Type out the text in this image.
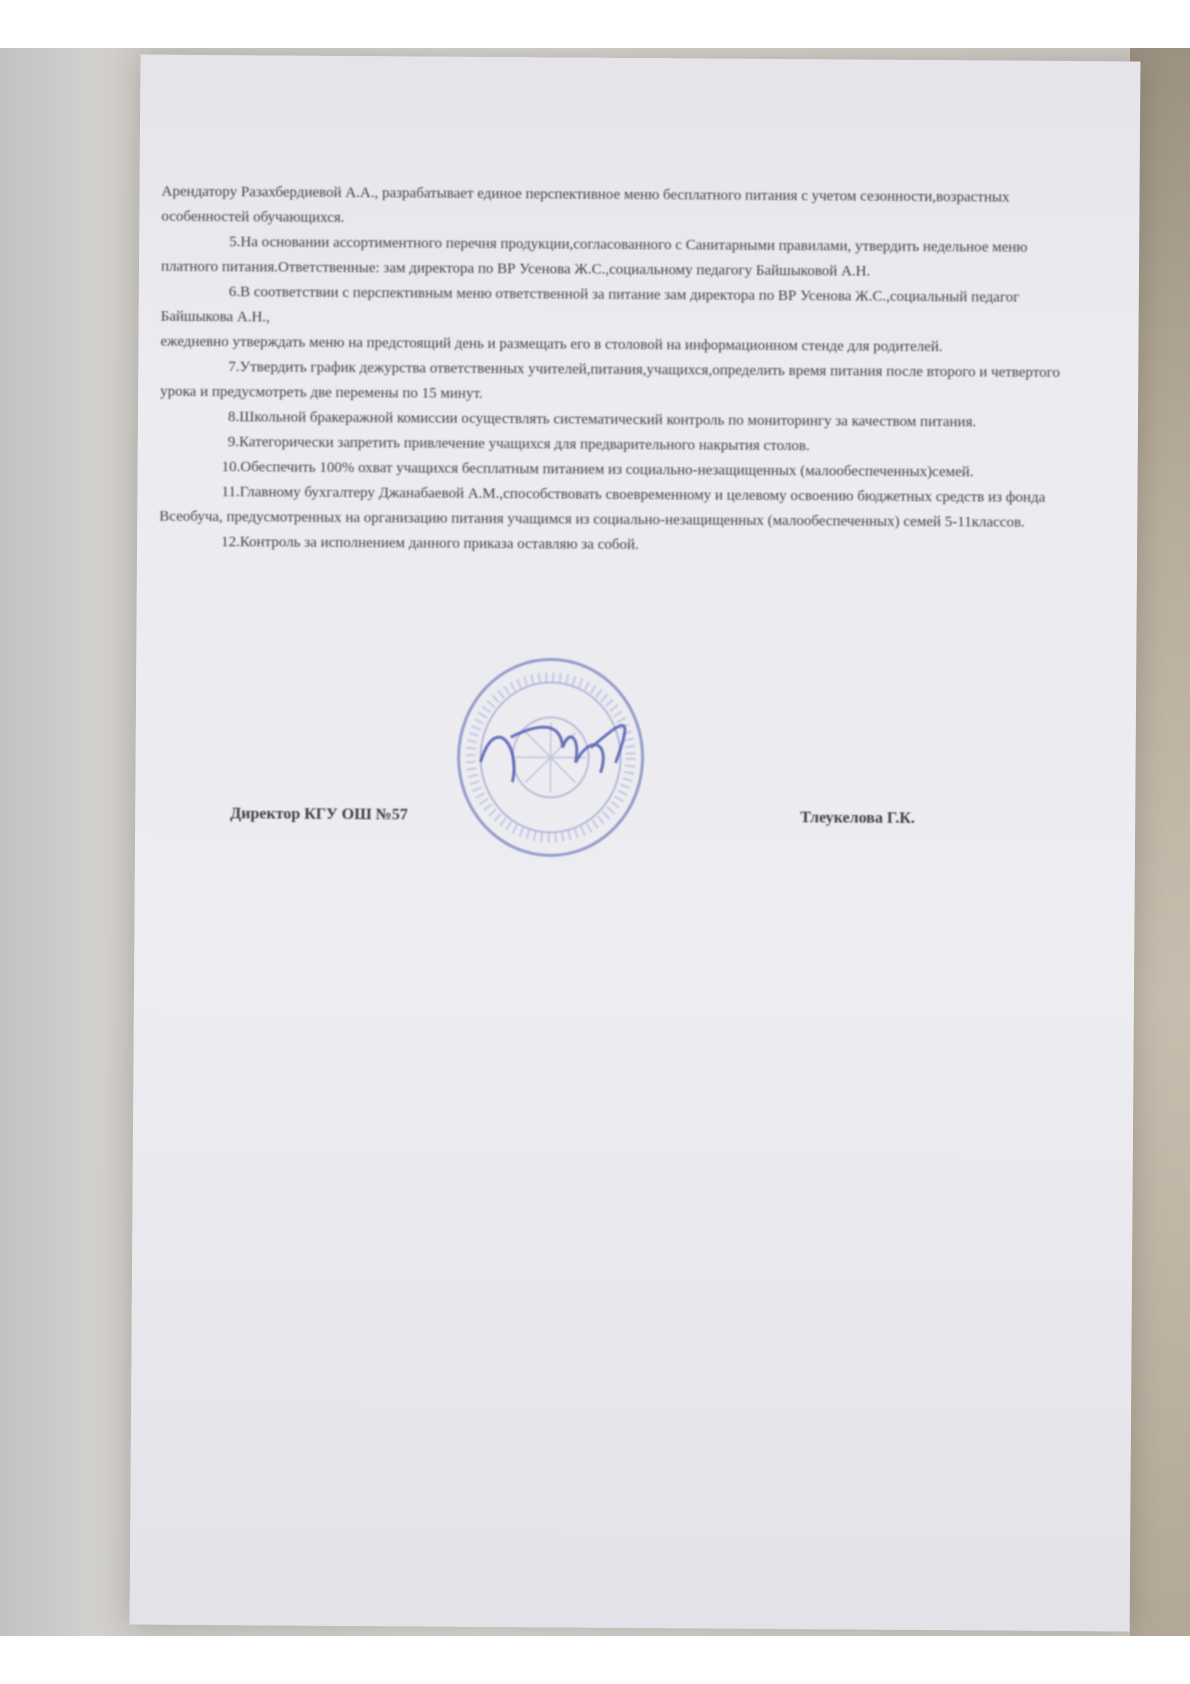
Арендатору Разахбердиевой А.А., разрабатывает единое перспективное меню бесплатного питания с учетом сезонности,возрастных особенностей обучающихся.

5.На основании ассортиментного перечня продукции,согласованного с Санитарными правилами, утвердить недельное меню платного питания.Ответственные: зам директора по ВР Усенова Ж.С.,социальному педагогу Байшыковой А.Н.

6.В соответствии с перспективным меню ответственной за питание зам директора по ВР Усенова Ж.С.,социальный педагог Байшыкова А.Н.,

ежедневно утверждать меню на предстоящий день и размещать его в столовой на информационном стенде для родителей.

7.Утвердить график дежурства ответственных учителей,питания,учащихся,определить время питания после второго и четвертого урока и предусмотреть две перемены по 15 минут.

8.Школьной бракеражной комиссии осуществлять систематический контроль по мониторингу за качеством питания.

9.Категорически запретить привлечение учащихся для предварительного накрытия столов.

10.Обеспечить 100% охват учащихся бесплатным питанием из социально-незащищенных (малообеспеченных)семей.

11.Главному бухгалтеру Джанабаевой А.М.,способствовать своевременному и целевому освоению бюджетных средств из фонда Всеобуча, предусмотренных на организацию питания учащимся из социально-незащищенных (малообеспеченных) семей 5-11классов.

12.Контроль за исполнением данного приказа оставляю за собой.

Директор КГУ ОШ №57	Тлеукелова Г.К.
